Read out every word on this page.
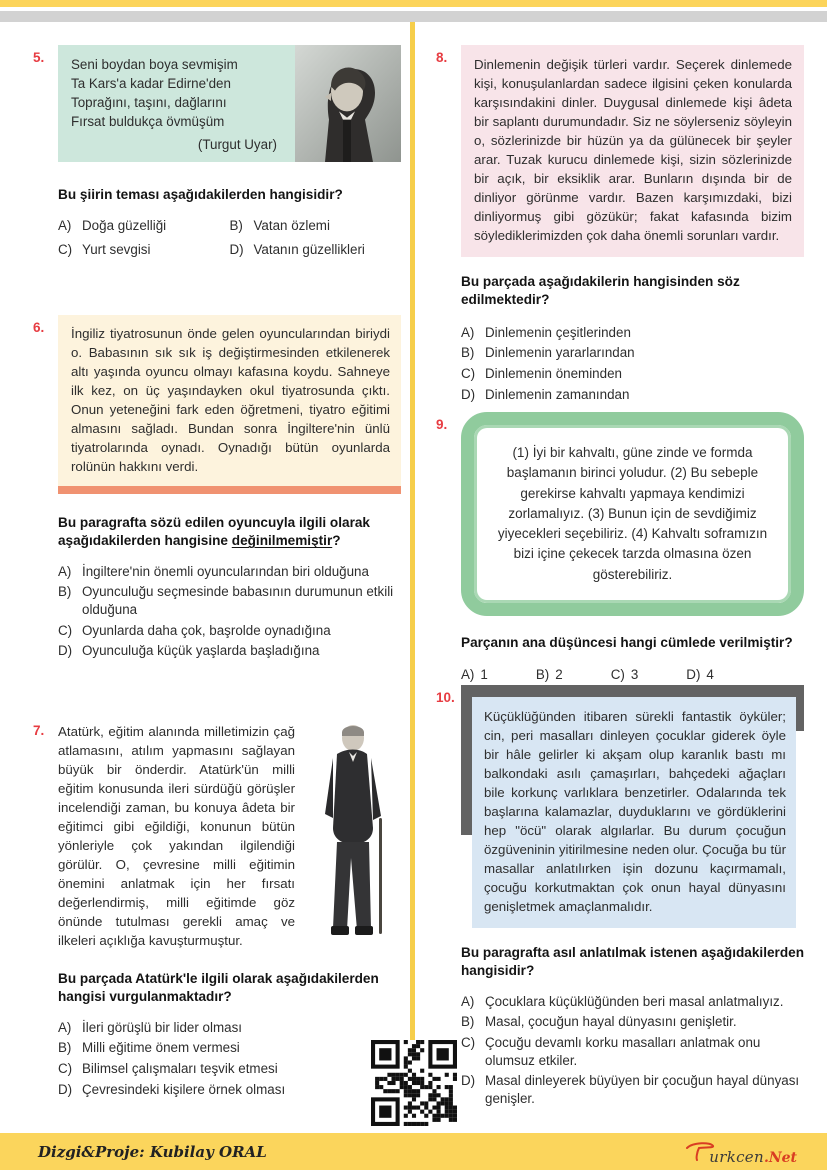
5.	Seni boydan boya sevmişim
Ta Kars'a kadar Edirne'den
Toprağını, taşını, dağlarını
Fırsat buldukça övmüşüm
(Turgut Uyar)
Bu şiirin teması aşağıdakilerden hangisidir?
A) Doğa güzelliği	B) Vatan özlemi
C) Yurt sevgisi	D) Vatanın güzellikleri
6.	İngiliz tiyatrosunun önde gelen oyuncularından biriydi o. Babasının sık sık iş değiştirmesinden etkilenerek altı yaşında oyuncu olmayı kafasına koydu. Sahneye ilk kez, on üç yaşındayken okul tiyatrosunda çıktı. Onun yeteneğini fark eden öğretmeni, tiyatro eğitimi almasını sağladı. Bundan sonra İngiltere'nin ünlü tiyatrolarında oynadı. Oynadığı bütün oyunlarda rolünün hakkını verdi.
Bu paragrafta sözü edilen oyuncuyla ilgili olarak aşağıdakilerden hangisine değinilmemiştir?
A) İngiltere'nin önemli oyuncularından biri olduğuna
B) Oyunculuğu seçmesinde babasının durumunun etkili olduğuna
C) Oyunlarda daha çok, başrolde oynadığına
D) Oyunculuğa küçük yaşlarda başladığına
7.	Atatürk, eğitim alanında milletimizin çağ atlamasını, atılım yapmasını sağlayan büyük bir önderdir. Atatürk'ün milli eğitim konusunda ileri sürdüğü görüşler incelendiği zaman, bu konuya âdeta bir eğitimci gibi eğildiği, konunun bütün yönleriyle çok yakından ilgilendiği görülür. O, çevresine milli eğitimin önemini anlatmak için her fırsatı değerlendirmiş, milli eğitimde göz önünde tutulması gerekli amaç ve ilkeleri açıklığa kavuşturmuştur.
Bu parçada Atatürk'le ilgili olarak aşağıdakilerden hangisi vurgulanmaktadır?
A) İleri görüşlü bir lider olması
B) Milli eğitime önem vermesi
C) Bilimsel çalışmaları teşvik etmesi
D) Çevresindeki kişilere örnek olması
8.	Dinlemenin değişik türleri vardır. Seçerek dinlemede kişi, konuşulanlardan sadece ilgisini çeken konularda karşısındakini dinler. Duygusal dinlemede kişi âdeta bir saplantı durumundadır. Siz ne söylerseniz söyleyin o, sözlerinizde bir hüzün ya da gülünecek bir şeyler arar. Tuzak kurucu dinlemede kişi, sizin sözlerinizde bir açık, bir eksiklik arar. Bunların dışında bir de dinliyor görünme vardır. Bazen karşımızdaki, bizi dinliyormuş gibi gözükür; fakat kafasında bizim söylediklerimizden çok daha önemli sorunları vardır.
Bu parçada aşağıdakilerin hangisinden söz edilmektedir?
A) Dinlemenin çeşitlerinden
B) Dinlemenin yararlarından
C) Dinlemenin öneminden
D) Dinlemenin zamanından
9.
(1) İyi bir kahvaltı, güne zinde ve formda başlamanın birinci yoludur. (2) Bu sebeple gerekirse kahvaltı yapmaya kendimizi zorlamalıyız. (3) Bunun için de sevdiğimiz yiyecekleri seçebiliriz. (4) Kahvaltı soframızın bizi içine çekecek tarzda olmasına özen gösterebiliriz.
Parçanın ana düşüncesi hangi cümlede verilmiştir?
A) 1	B) 2	C) 3	D) 4
10.
Küçüklüğünden itibaren sürekli fantastik öyküler; cin, peri masalları dinleyen çocuklar giderek öyle bir hâle gelirler ki akşam olup karanlık bastı mı balkondaki asılı çamaşırları, bahçedeki ağaçları bile korkunç varlıklara benzetirler. Odalarında tek başlarına kalamazlar, duyduklarını ve gördüklerini hep "öcü" olarak algılarlar. Bu durum çocuğun özgüveninin yitirilmesine neden olur. Çocuğa bu tür masallar anlatılırken işin dozunu kaçırmamalı, çocuğu korkutmaktan çok onun hayal dünyasını genişletmek amaçlanmalıdır.
Bu paragrafta asıl anlatılmak istenen aşağıdakilerden hangisidir?
A) Çocuklara küçüklüğünden beri masal anlatmalıyız.
B) Masal, çocuğun hayal dünyasını genişletir.
C) Çocuğu devamlı korku masalları anlatmak onu olumsuz etkiler.
D) Masal dinleyerek büyüyen bir çocuğun hayal dünyası genişler.
Dizgi&Proje: Kubilay ORAL	urkcen .Net
